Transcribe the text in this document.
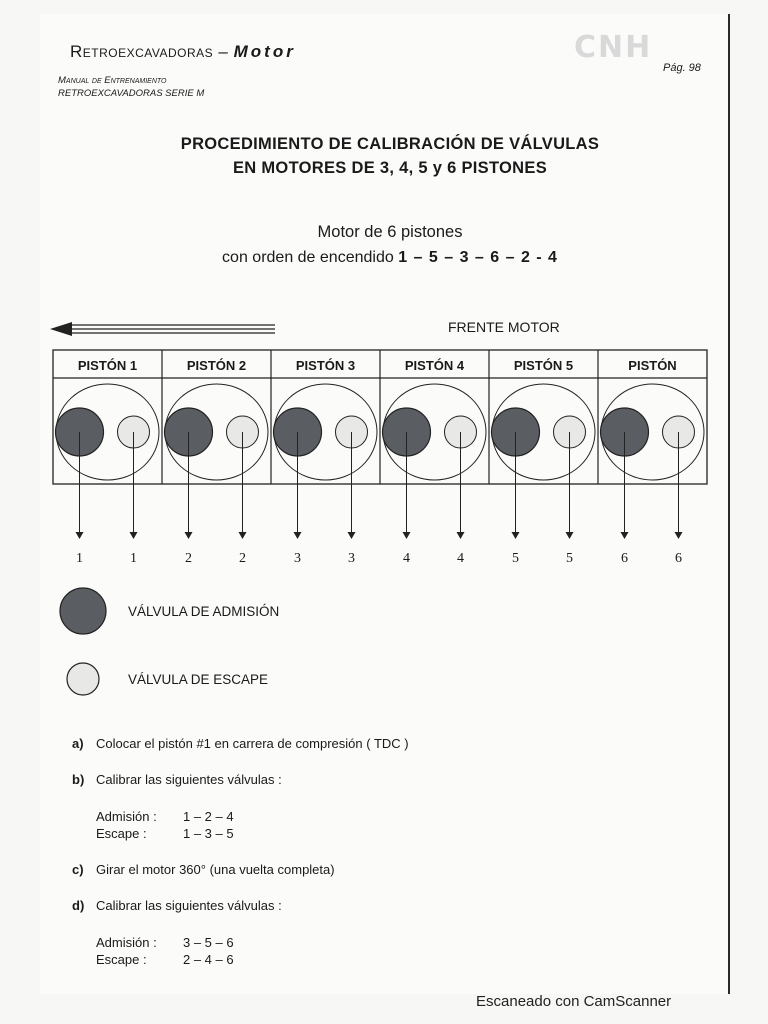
Retroexcavadoras – Motor
Manual de Entrenamiento
RETROEXCAVADORAS SERIE M
CNH
Pág. 98
PROCEDIMIENTO DE CALIBRACIÓN DE VÁLVULAS
EN MOTORES DE 3, 4, 5 y 6 PISTONES
Motor de 6 pistones
con orden de encendido 1 – 5 – 3 – 6 – 2 - 4
FRENTE MOTOR
PISTÓN 1
1	1
PISTÓN 2
2	2
PISTÓN 3
3	3
PISTÓN 4
4	4
PISTÓN 5
5	5
PISTÓN
6	6
VÁLVULA DE ADMISIÓN
VÁLVULA DE ESCAPE
a) Colocar el pistón #1 en carrera de compresión ( TDC )
b) Calibrar las siguientes válvulas :
Admisión :	1 – 2 – 4
Escape :	1 – 3 – 5
c) Girar el motor 360° (una vuelta completa)
d) Calibrar las siguientes válvulas :
Admisión :	3 – 5 – 6
Escape :	2 – 4 – 6
Escaneado con CamScanner
